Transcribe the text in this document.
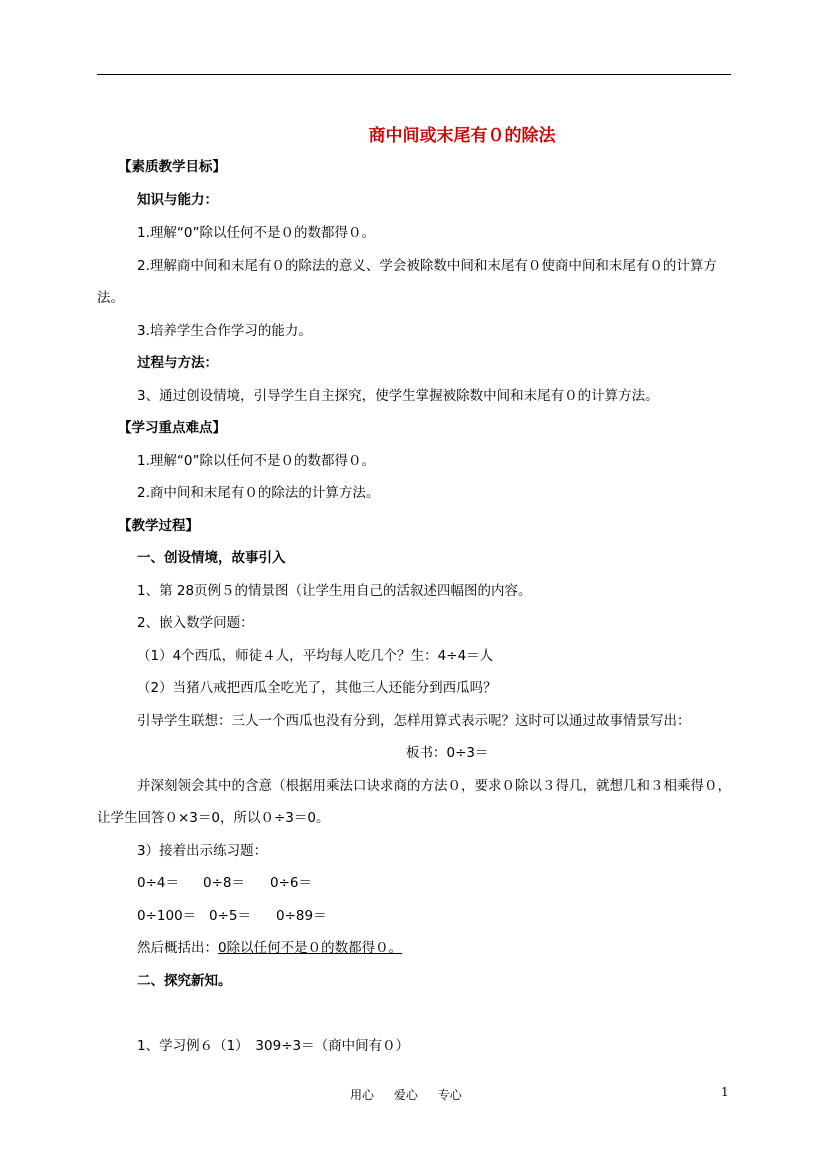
商中间或末尾有０的除法
【素质教学目标】
知识与能力：
1.理解“0”除以任何不是０的数都得０。
2.理解商中间和末尾有０的除法的意义、学会被除数中间和末尾有０使商中间和末尾有０的计算方
法。
3.培养学生合作学习的能力。
过程与方法：
3、通过创设情境，引导学生自主探究，使学生掌握被除数中间和末尾有０的计算方法。
【学习重点难点】
1.理解“0”除以任何不是０的数都得０。
2.商中间和末尾有０的除法的计算方法。
【教学过程】
一、创设情境，故事引入
1、第 28页例５的情景图（让学生用自己的活叙述四幅图的内容。
2、嵌入数学问题：
（1）4个西瓜，师徒４人，平均每人吃几个？生：4÷4＝人
（2）当猪八戒把西瓜全吃光了，其他三人还能分到西瓜吗？
引导学生联想：三人一个西瓜也没有分到，怎样用算式表示呢？这时可以通过故事情景写出：
板书：0÷3＝
并深刻领会其中的含意（根据用乘法口诀求商的方法０，要求０除以３得几，就想几和３相乘得０，
让学生回答０×3＝0，所以０÷3＝0。
3）接着出示练习题：
0÷4＝ 0÷8＝ 0÷6＝
0÷100＝ 0÷5＝ 0÷89＝
然后概括出：0除以任何不是０的数都得０。
二、探究新知。
1、学习例６（1）　309÷3＝（商中间有０）
用心 爱心 专心	1
